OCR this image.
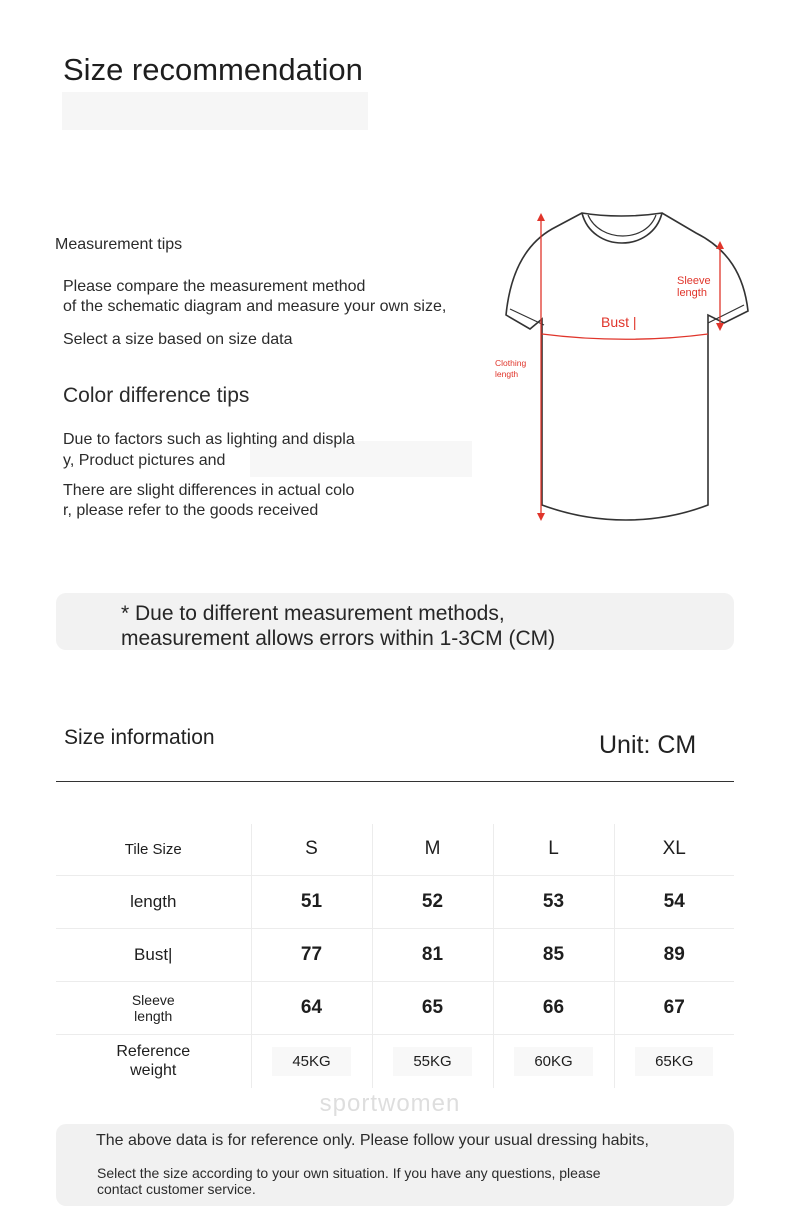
Size recommendation
Measurement tips
Please compare the measurement method
of the schematic diagram and measure your own size,
Select a size based on size data
Color difference tips
Due to factors such as lighting and displa
y, Product pictures and
There are slight differences in actual colo
r, please refer to the goods received
Sleeve
length
Bust |
Clothing
length
* Due to different measurement methods,
measurement allows errors within 1-3CM (CM)
Size information	Unit: CM
Tile Size	S	M	L	XL
length	51	52	53	54
Bust|	77	81	85	89

Sleeve
length	64	65	66	67

Reference
weight	45KG	55KG	60KG	65KG
sportwomen
The above data is for reference only. Please follow your usual dressing habits,
Select the size according to your own situation. If you have any questions, please
contact customer service.
